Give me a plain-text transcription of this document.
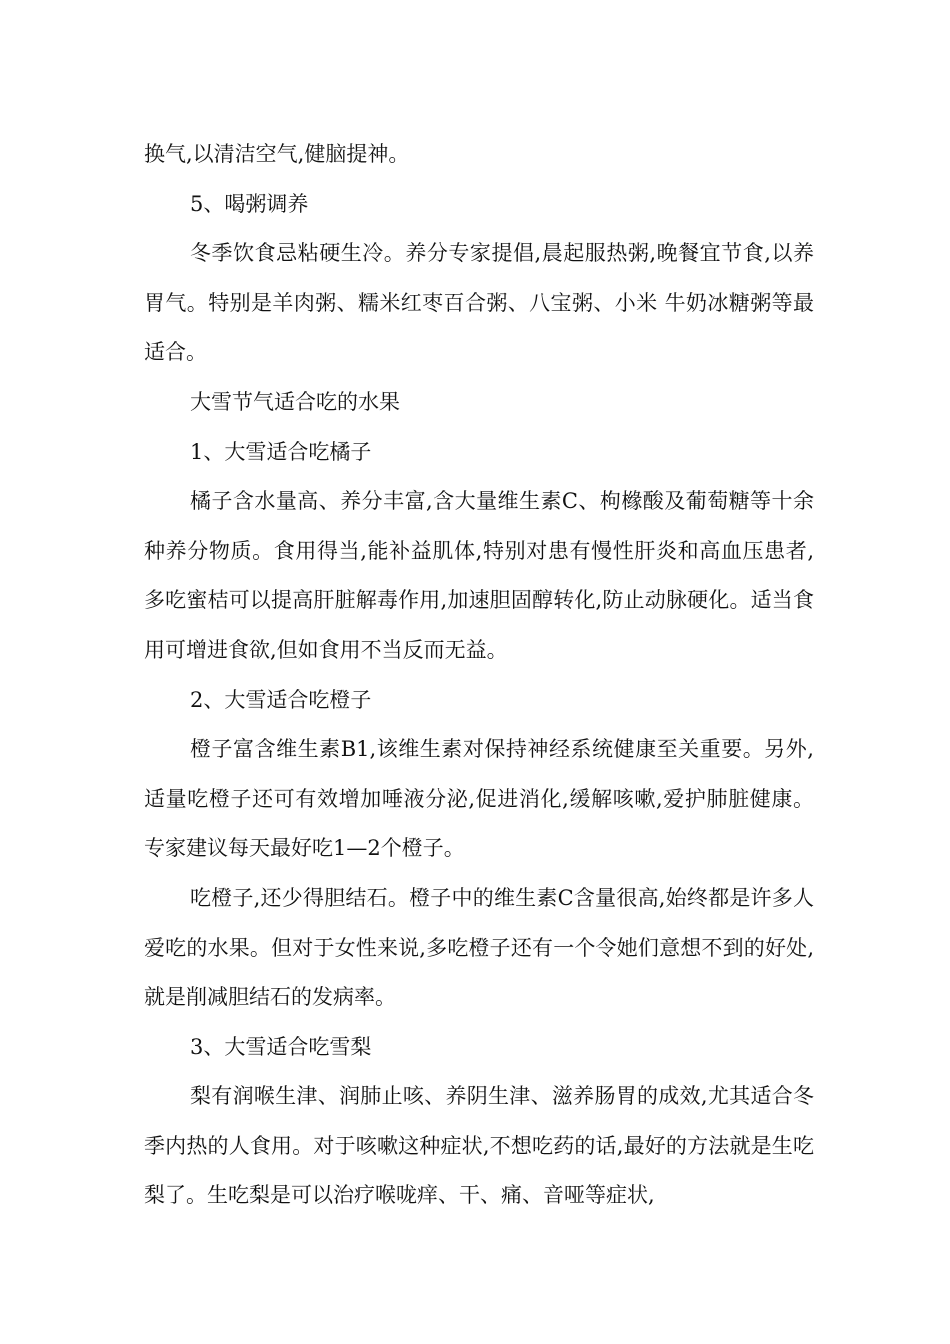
换气,以清洁空气,健脑提神。

5、喝粥调养

冬季饮食忌粘硬生冷。养分专家提倡,晨起服热粥,晚餐宜节食,以养胃气。特别是羊肉粥、糯米红枣百合粥、八宝粥、小米 牛奶冰糖粥等最适合。

大雪节气适合吃的水果

1、大雪适合吃橘子

橘子含水量高、养分丰富,含大量维生素C、枸橼酸及葡萄糖等十余种养分物质。食用得当,能补益肌体,特别对患有慢性肝炎和高血压患者,多吃蜜桔可以提高肝脏解毒作用,加速胆固醇转化,防止动脉硬化。适当食用可增进食欲,但如食用不当反而无益。

2、大雪适合吃橙子

橙子富含维生素B1,该维生素对保持神经系统健康至关重要。另外,适量吃橙子还可有效增加唾液分泌,促进消化,缓解咳嗽,爱护肺脏健康。专家建议每天最好吃1—2个橙子。

吃橙子,还少得胆结石。橙子中的维生素C含量很高,始终都是许多人爱吃的水果。但对于女性来说,多吃橙子还有一个令她们意想不到的好处,就是削减胆结石的发病率。

3、大雪适合吃雪梨

梨有润喉生津、润肺止咳、养阴生津、滋养肠胃的成效,尤其适合冬季内热的人食用。对于咳嗽这种症状,不想吃药的话,最好的方法就是生吃梨了。生吃梨是可以治疗喉咙痒、干、痛、音哑等症状,
